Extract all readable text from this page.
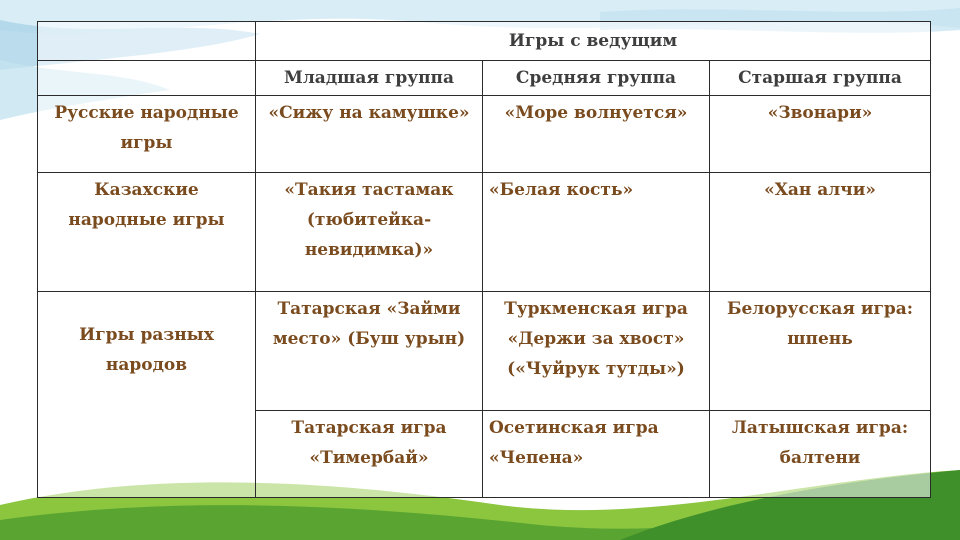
	Игры с ведущим		
	Младшая группа	Средняя группа	Старшая группа
Русские народные игры	«Сижу на камушке»	«Море волнуется»	«Звонари»
Казахские народные игры	«Такия тастамак (тюбитейка-невидимка)»	«Белая кость»	«Хан алчи»
Игры разных народов	Татарская «Займи место» (Буш урын)	Туркменская игра «Держи за хвост» («Чуйрук тутды»)	Белорусская игра: шпень
	Татарская игра «Тимербай»	Осетинская игра «Чепена»	Латышская игра: балтени
